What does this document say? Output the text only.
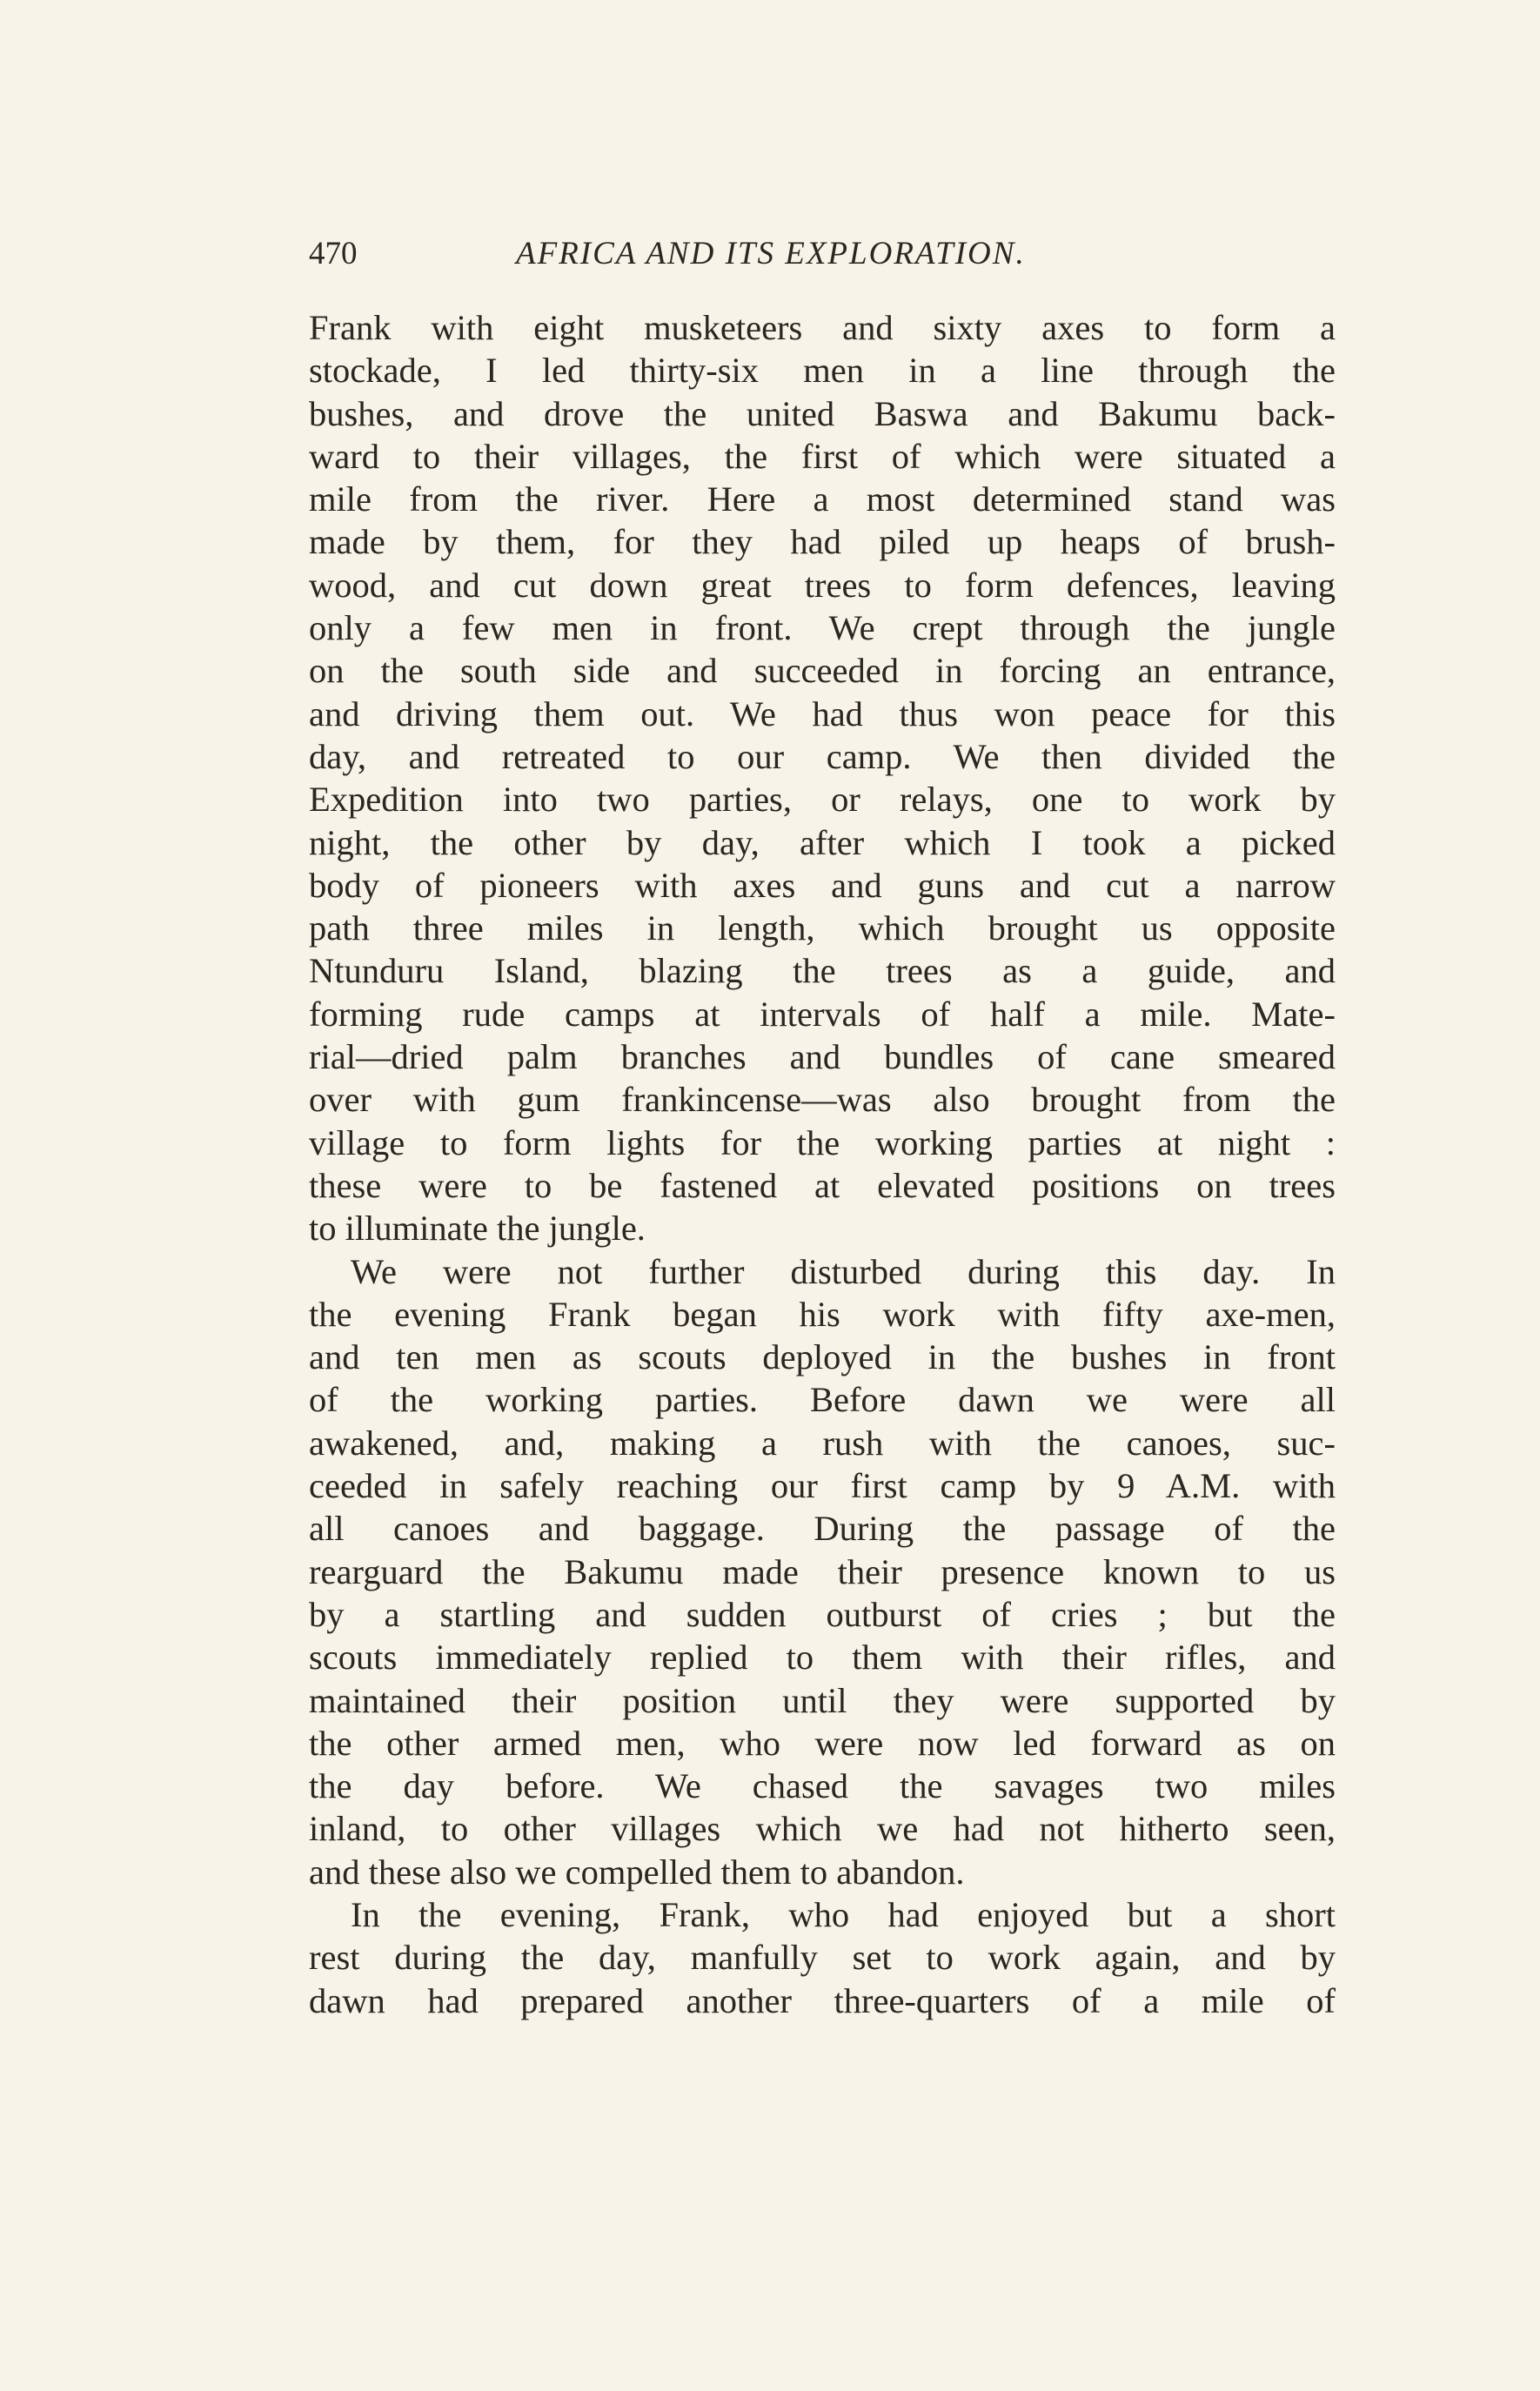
470	AFRICA AND ITS EXPLORATION.
Frank with eight musketeers and sixty axes to form a
stockade, I led thirty-six men in a line through the
bushes, and drove the united Baswa and Bakumu back-
ward to their villages, the first of which were situated a
mile from the river. Here a most determined stand was
made by them, for they had piled up heaps of brush-
wood, and cut down great trees to form defences, leaving
only a few men in front. We crept through the jungle
on the south side and succeeded in forcing an entrance,
and driving them out. We had thus won peace for this
day, and retreated to our camp. We then divided the
Expedition into two parties, or relays, one to work by
night, the other by day, after which I took a picked
body of pioneers with axes and guns and cut a narrow
path three miles in length, which brought us opposite
Ntunduru Island, blazing the trees as a guide, and
forming rude camps at intervals of half a mile. Mate-
rial—dried palm branches and bundles of cane smeared
over with gum frankincense—was also brought from the
village to form lights for the working parties at night :
these were to be fastened at elevated positions on trees
to illuminate the jungle.
We were not further disturbed during this day. In
the evening Frank began his work with fifty axe-men,
and ten men as scouts deployed in the bushes in front
of the working parties. Before dawn we were all
awakened, and, making a rush with the canoes, suc-
ceeded in safely reaching our first camp by 9 A.M. with
all canoes and baggage. During the passage of the
rearguard the Bakumu made their presence known to us
by a startling and sudden outburst of cries ; but the
scouts immediately replied to them with their rifles, and
maintained their position until they were supported by
the other armed men, who were now led forward as on
the day before. We chased the savages two miles
inland, to other villages which we had not hitherto seen,
and these also we compelled them to abandon.
In the evening, Frank, who had enjoyed but a short
rest during the day, manfully set to work again, and by
dawn had prepared another three-quarters of a mile of
